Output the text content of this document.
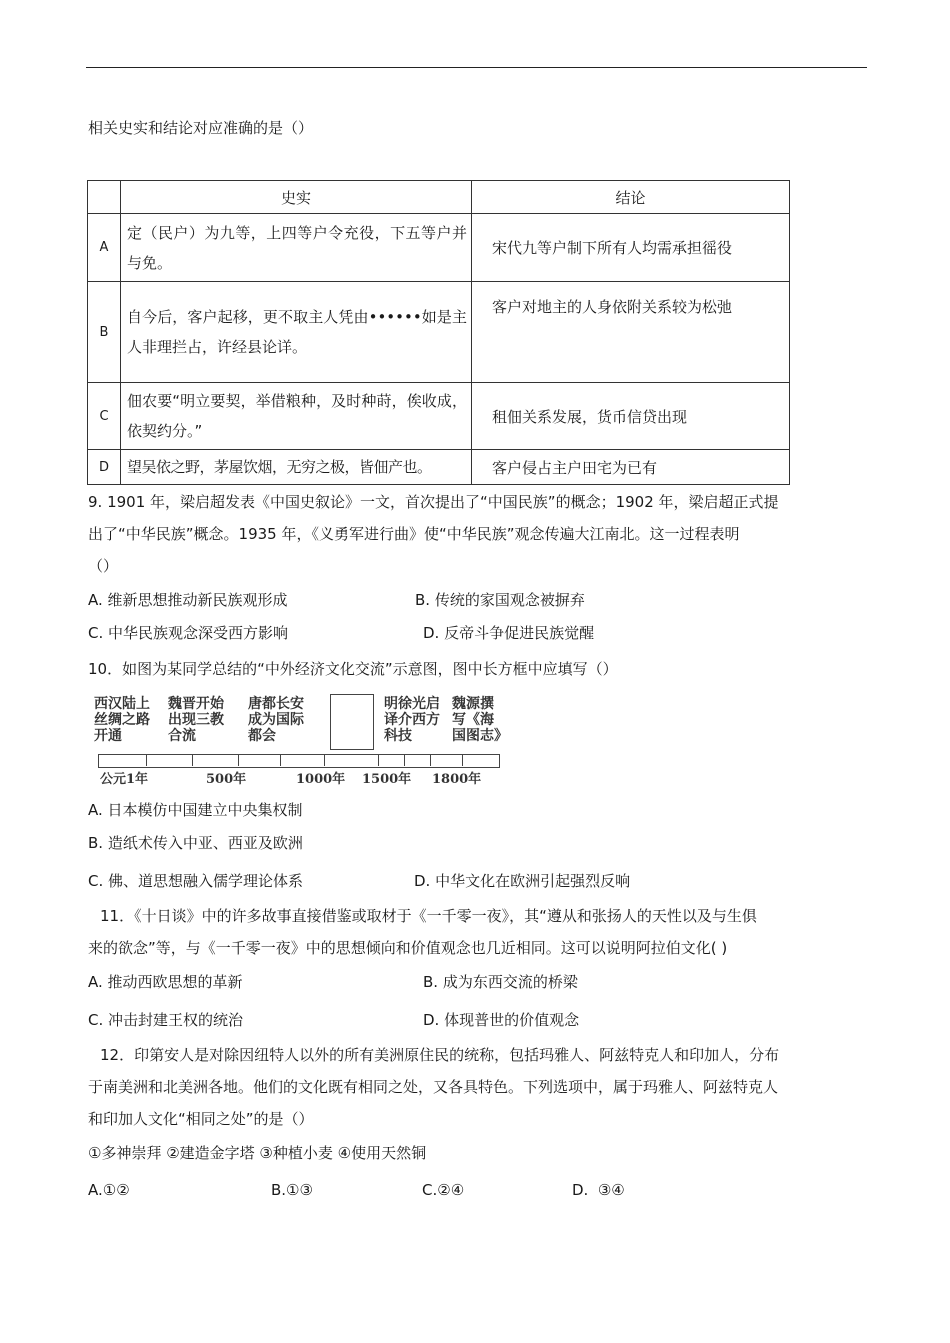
相关史实和结论对应准确的是（）
	史实	结论
A	定（民户）为九等，上四等户令充役，下五等户并与免。	宋代九等户制下所有人均需承担徭役
B	自今后，客户起移，更不取主人凭由••••••如是主人非理拦占，许经县论详。	客户对地主的人身依附关系较为松弛
C	佃农要“明立要契，举借粮种，及时种莳，俟收成，依契约分。”	租佃关系发展，货币信贷出现
D	望吴依之野，茅屋饮烟，无穷之极，皆佃产也。	客户侵占主户田宅为已有
9. 1901 年，梁启超发表《中国史叙论》一文，首次提出了“中国民族”的概念；1902 年，梁启超正式提
出了“中华民族”概念。1935 年，《义勇军进行曲》使“中华民族”观念传遍大江南北。这一过程表明
（）
A. 维新思想推动新民族观形成	B. 传统的家国观念被摒弃
C. 中华民族观念深受西方影响	D. 反帝斗争促进民族觉醒
10．如图为某同学总结的“中外经济文化交流”示意图，图中长方框中应填写（）
西汉陆上
丝绸之路
开通
魏晋开始
出现三教
合流
唐都长安
成为国际
都会
明徐光启
译介西方
科技
魏源撰
写《海
国图志》
公元1年	500年	1000年 1500年 1800年
A. 日本模仿中国建立中央集权制
B. 造纸术传入中亚、西亚及欧洲
C. 佛、道思想融入儒学理论体系	D. 中华文化在欧洲引起强烈反响
11．《十日谈》中的许多故事直接借鉴或取材于《一千零一夜》，其“遵从和张扬人的天性以及与生俱
来的欲念”等，与《一千零一夜》中的思想倾向和价值观念也几近相同。这可以说明阿拉伯文化( )
A. 推动西欧思想的革新	B. 成为东西交流的桥梁
C. 冲击封建王权的统治	D. 体现普世的价值观念
12．印第安人是对除因纽特人以外的所有美洲原住民的统称，包括玛雅人、阿兹特克人和印加人，分布
于南美洲和北美洲各地。他们的文化既有相同之处，又各具特色。下列选项中，属于玛雅人、阿兹特克人
和印加人文化“相同之处”的是（）
①多神崇拜 ②建造金字塔 ③种植小麦 ④使用天然铜
A.①②	B.①③	C.②④	D.  ③④
